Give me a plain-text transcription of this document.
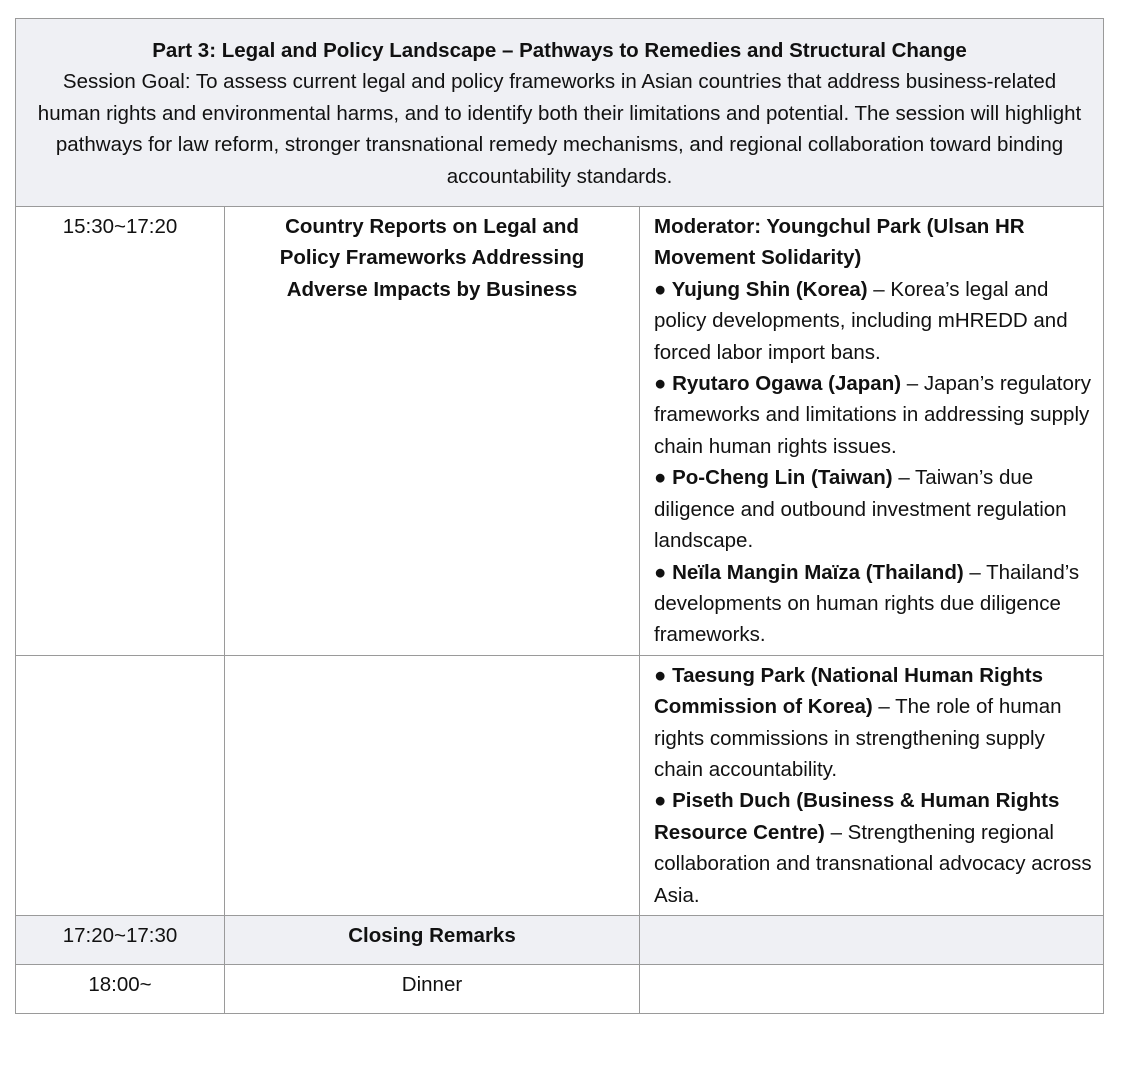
Part 3: Legal and Policy Landscape – Pathways to Remedies and Structural Change
Session Goal: To assess current legal and policy frameworks in Asian countries that address business-related human rights and environmental harms, and to identify both their limitations and potential. The session will highlight pathways for law reform, stronger transnational remedy mechanisms, and regional collaboration toward binding accountability standards.		

15:30~17:20	Country Reports on Legal and Policy Frameworks Addressing Adverse Impacts by Business	Moderator: Youngchul Park (Ulsan HR Movement Solidarity)
● Yujung Shin (Korea) – Korea’s legal and policy developments, including mHREDD and forced labor import bans.
● Ryutaro Ogawa (Japan) – Japan’s regulatory frameworks and limitations in addressing supply chain human rights issues.
● Po-Cheng Lin (Taiwan) – Taiwan’s due diligence and outbound investment regulation landscape.
● Neïla Mangin Maïza (Thailand) – Thailand’s developments on human rights due diligence frameworks.

		● Taesung Park (National Human Rights Commission of Korea) – The role of human rights commissions in strengthening supply chain accountability.
● Piseth Duch (Business & Human Rights Resource Centre) – Strengthening regional collaboration and transnational advocacy across Asia.

17:20~17:30	Closing Remarks	
18:00~	Dinner	
